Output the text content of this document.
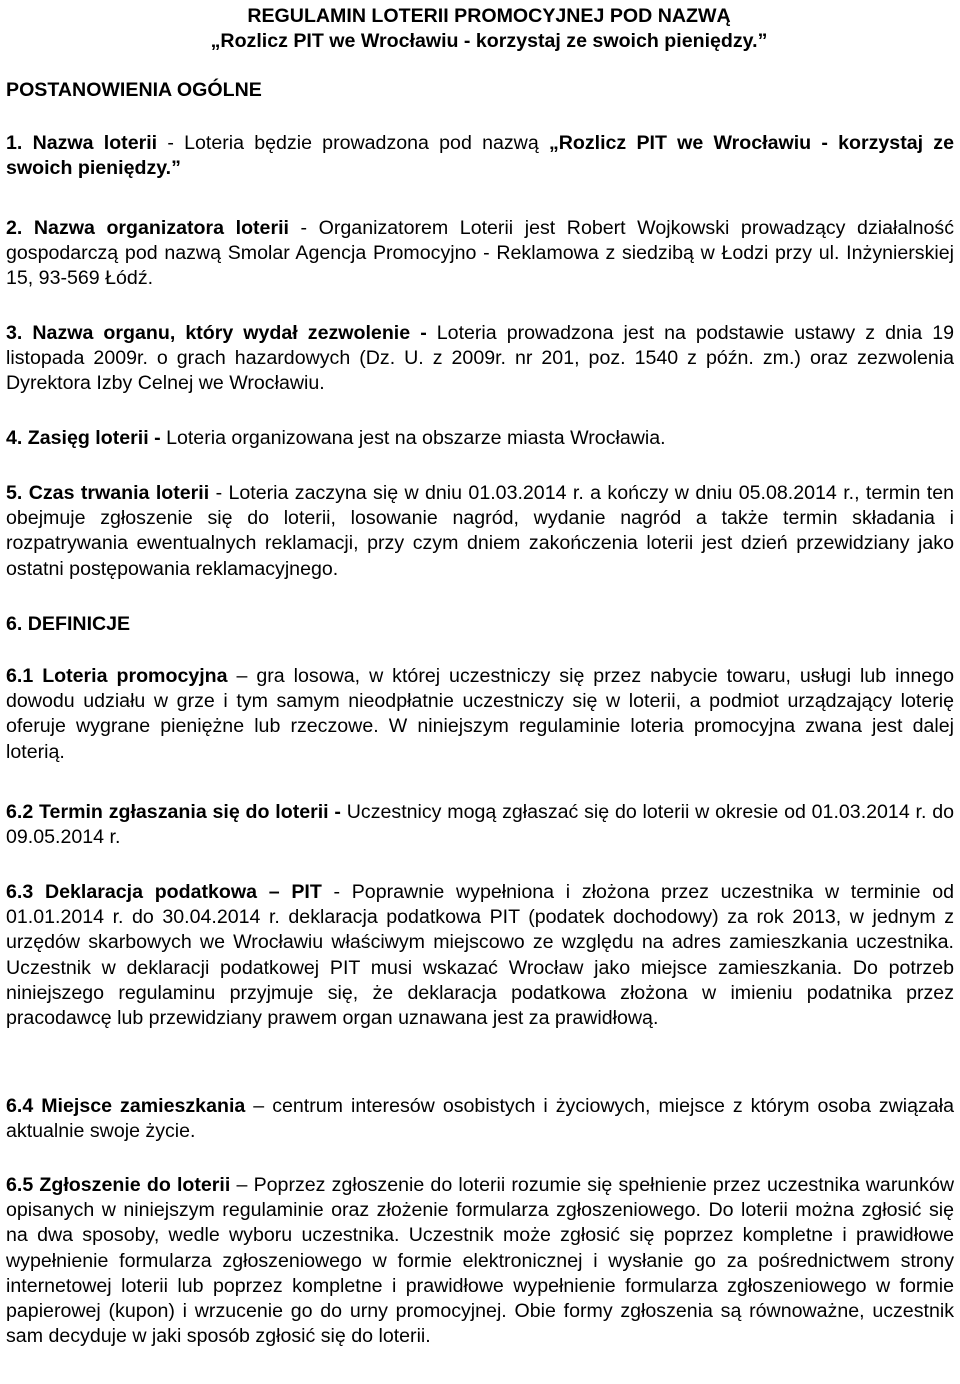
REGULAMIN LOTERII PROMOCYJNEJ POD NAZWĄ
„Rozlicz PIT we Wrocławiu - korzystaj ze swoich pieniędzy.”
POSTANOWIENIA OGÓLNE

1. Nazwa loterii - Loteria będzie prowadzona pod nazwą „Rozlicz PIT we Wrocławiu - korzystaj ze swoich pieniędzy.”

2. Nazwa organizatora loterii - Organizatorem Loterii jest Robert Wojkowski prowadzący działalność gospodarczą pod nazwą Smolar Agencja Promocyjno - Reklamowa z siedzibą w Łodzi przy ul. Inżynierskiej 15, 93-569 Łódź.

3. Nazwa organu, który wydał zezwolenie - Loteria prowadzona jest na podstawie ustawy z dnia 19 listopada 2009r. o grach hazardowych (Dz. U. z 2009r. nr 201, poz. 1540 z późn. zm.) oraz zezwolenia Dyrektora Izby Celnej we Wrocławiu.

4. Zasięg loterii - Loteria organizowana jest na obszarze miasta Wrocławia.

5. Czas trwania loterii - Loteria zaczyna się w dniu 01.03.2014 r. a kończy w dniu 05.08.2014 r., termin ten obejmuje zgłoszenie się do loterii, losowanie nagród, wydanie nagród a także termin składania i rozpatrywania ewentualnych reklamacji, przy czym dniem zakończenia loterii jest dzień przewidziany jako ostatni postępowania reklamacyjnego.

6. DEFINICJE

6.1 Loteria promocyjna – gra losowa, w której uczestniczy się przez nabycie towaru, usługi lub innego dowodu udziału w grze i tym samym nieodpłatnie uczestniczy się w loterii, a podmiot urządzający loterię oferuje wygrane pieniężne lub rzeczowe. W niniejszym regulaminie loteria promocyjna zwana jest dalej loterią.

6.2 Termin zgłaszania się do loterii - Uczestnicy mogą zgłaszać się do loterii w okresie od 01.03.2014 r. do 09.05.2014 r.

6.3 Deklaracja podatkowa – PIT - Poprawnie wypełniona i złożona przez uczestnika w terminie od 01.01.2014 r. do 30.04.2014 r. deklaracja podatkowa PIT (podatek dochodowy) za rok 2013, w jednym z urzędów skarbowych we Wrocławiu właściwym miejscowo ze względu na adres zamieszkania uczestnika. Uczestnik w deklaracji podatkowej PIT musi wskazać Wrocław jako miejsce zamieszkania. Do potrzeb niniejszego regulaminu przyjmuje się, że deklaracja podatkowa złożona w imieniu podatnika przez pracodawcę lub przewidziany prawem organ uznawana jest za prawidłową.

6.4 Miejsce zamieszkania – centrum interesów osobistych i życiowych, miejsce z którym osoba związała aktualnie swoje życie.

6.5 Zgłoszenie do loterii – Poprzez zgłoszenie do loterii rozumie się spełnienie przez uczestnika warunków opisanych w niniejszym regulaminie oraz złożenie formularza zgłoszeniowego. Do loterii można zgłosić się na dwa sposoby, wedle wyboru uczestnika. Uczestnik może zgłosić się poprzez kompletne i prawidłowe wypełnienie formularza zgłoszeniowego w formie elektronicznej i wysłanie go za pośrednictwem strony internetowej loterii lub poprzez kompletne i prawidłowe wypełnienie formularza zgłoszeniowego w formie papierowej (kupon) i wrzucenie go do urny promocyjnej. Obie formy zgłoszenia są równoważne, uczestnik sam decyduje w jaki sposób zgłosić się do loterii.
